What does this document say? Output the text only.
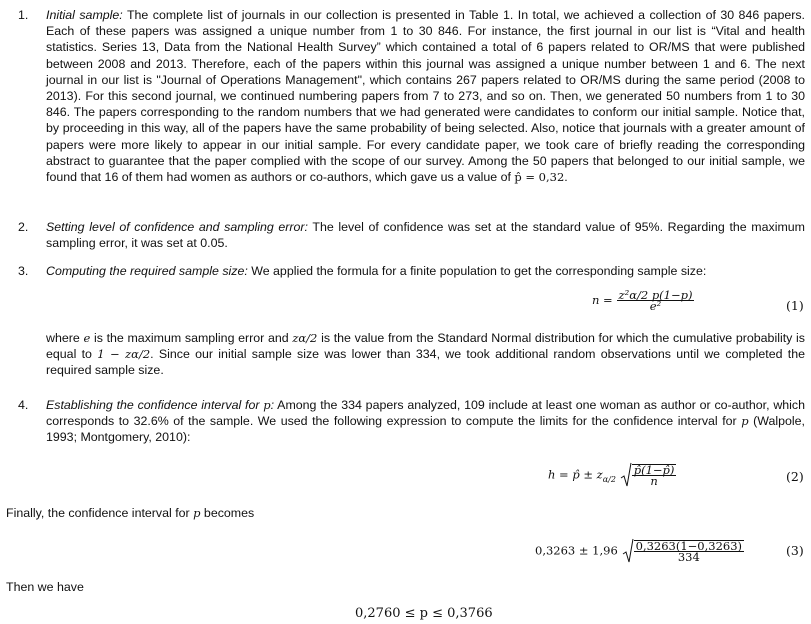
1. Initial sample: The complete list of journals in our collection is presented in Table 1. In total, we achieved a collection of 30 846 papers. Each of these papers was assigned a unique number from 1 to 30 846. For instance, the first journal in our list is “Vital and health statistics. Series 13, Data from the National Health Survey” which contained a total of 6 papers related to OR/MS that were published between 2008 and 2013. Therefore, each of the papers within this journal was assigned a unique number between 1 and 6. The next journal in our list is "Journal of Operations Management", which contains 267 papers related to OR/MS during the same period (2008 to 2013). For this second journal, we continued numbering papers from 7 to 273, and so on. Then, we generated 50 numbers from 1 to 30 846. The papers corresponding to the random numbers that we had generated were candidates to conform our initial sample. Notice that, by proceeding in this way, all of the papers have the same probability of being selected. Also, notice that journals with a greater amount of papers were more likely to appear in our initial sample. For every candidate paper, we took care of briefly reading the corresponding abstract to guarantee that the paper complied with the scope of our survey. Among the 50 papers that belonged to our initial sample, we found that 16 of them had women as authors or co-authors, which gave us a value of p̂ = 0,32.
2. Setting level of confidence and sampling error: The level of confidence was set at the standard value of 95%. Regarding the maximum sampling error, it was set at 0.05.
3. Computing the required sample size: We applied the formula for a finite population to get the corresponding sample size:
$n = \frac{\text{z²α/2 p(1−p)}}{\text{e²}}$	(1)
where e is the maximum sampling error and zα/2 is the value from the Standard Normal distribution for which the cumulative probability is equal to 1 − zα/2. Since our initial sample size was lower than 334, we took additional random observations until we completed the required sample size.
4. Establishing the confidence interval for p: Among the 334 papers analyzed, 109 include at least one woman as author or co-author, which corresponds to 32.6% of the sample. We used the following expression to compute the limits for the confidence interval for p (Walpole, 1993; Montgomery, 2010):
h = p̂ ± $z_{\alpha/2} \frac{p̂(1-p̂)}{n}$	(2)
Finally, the confidence interval for p becomes
$0,3263 \pm 1,96 \frac{0,3263(1-0,3263)}{334}$	(3)
Then we have
0,2760 ≤ p ≤ 0,3766
